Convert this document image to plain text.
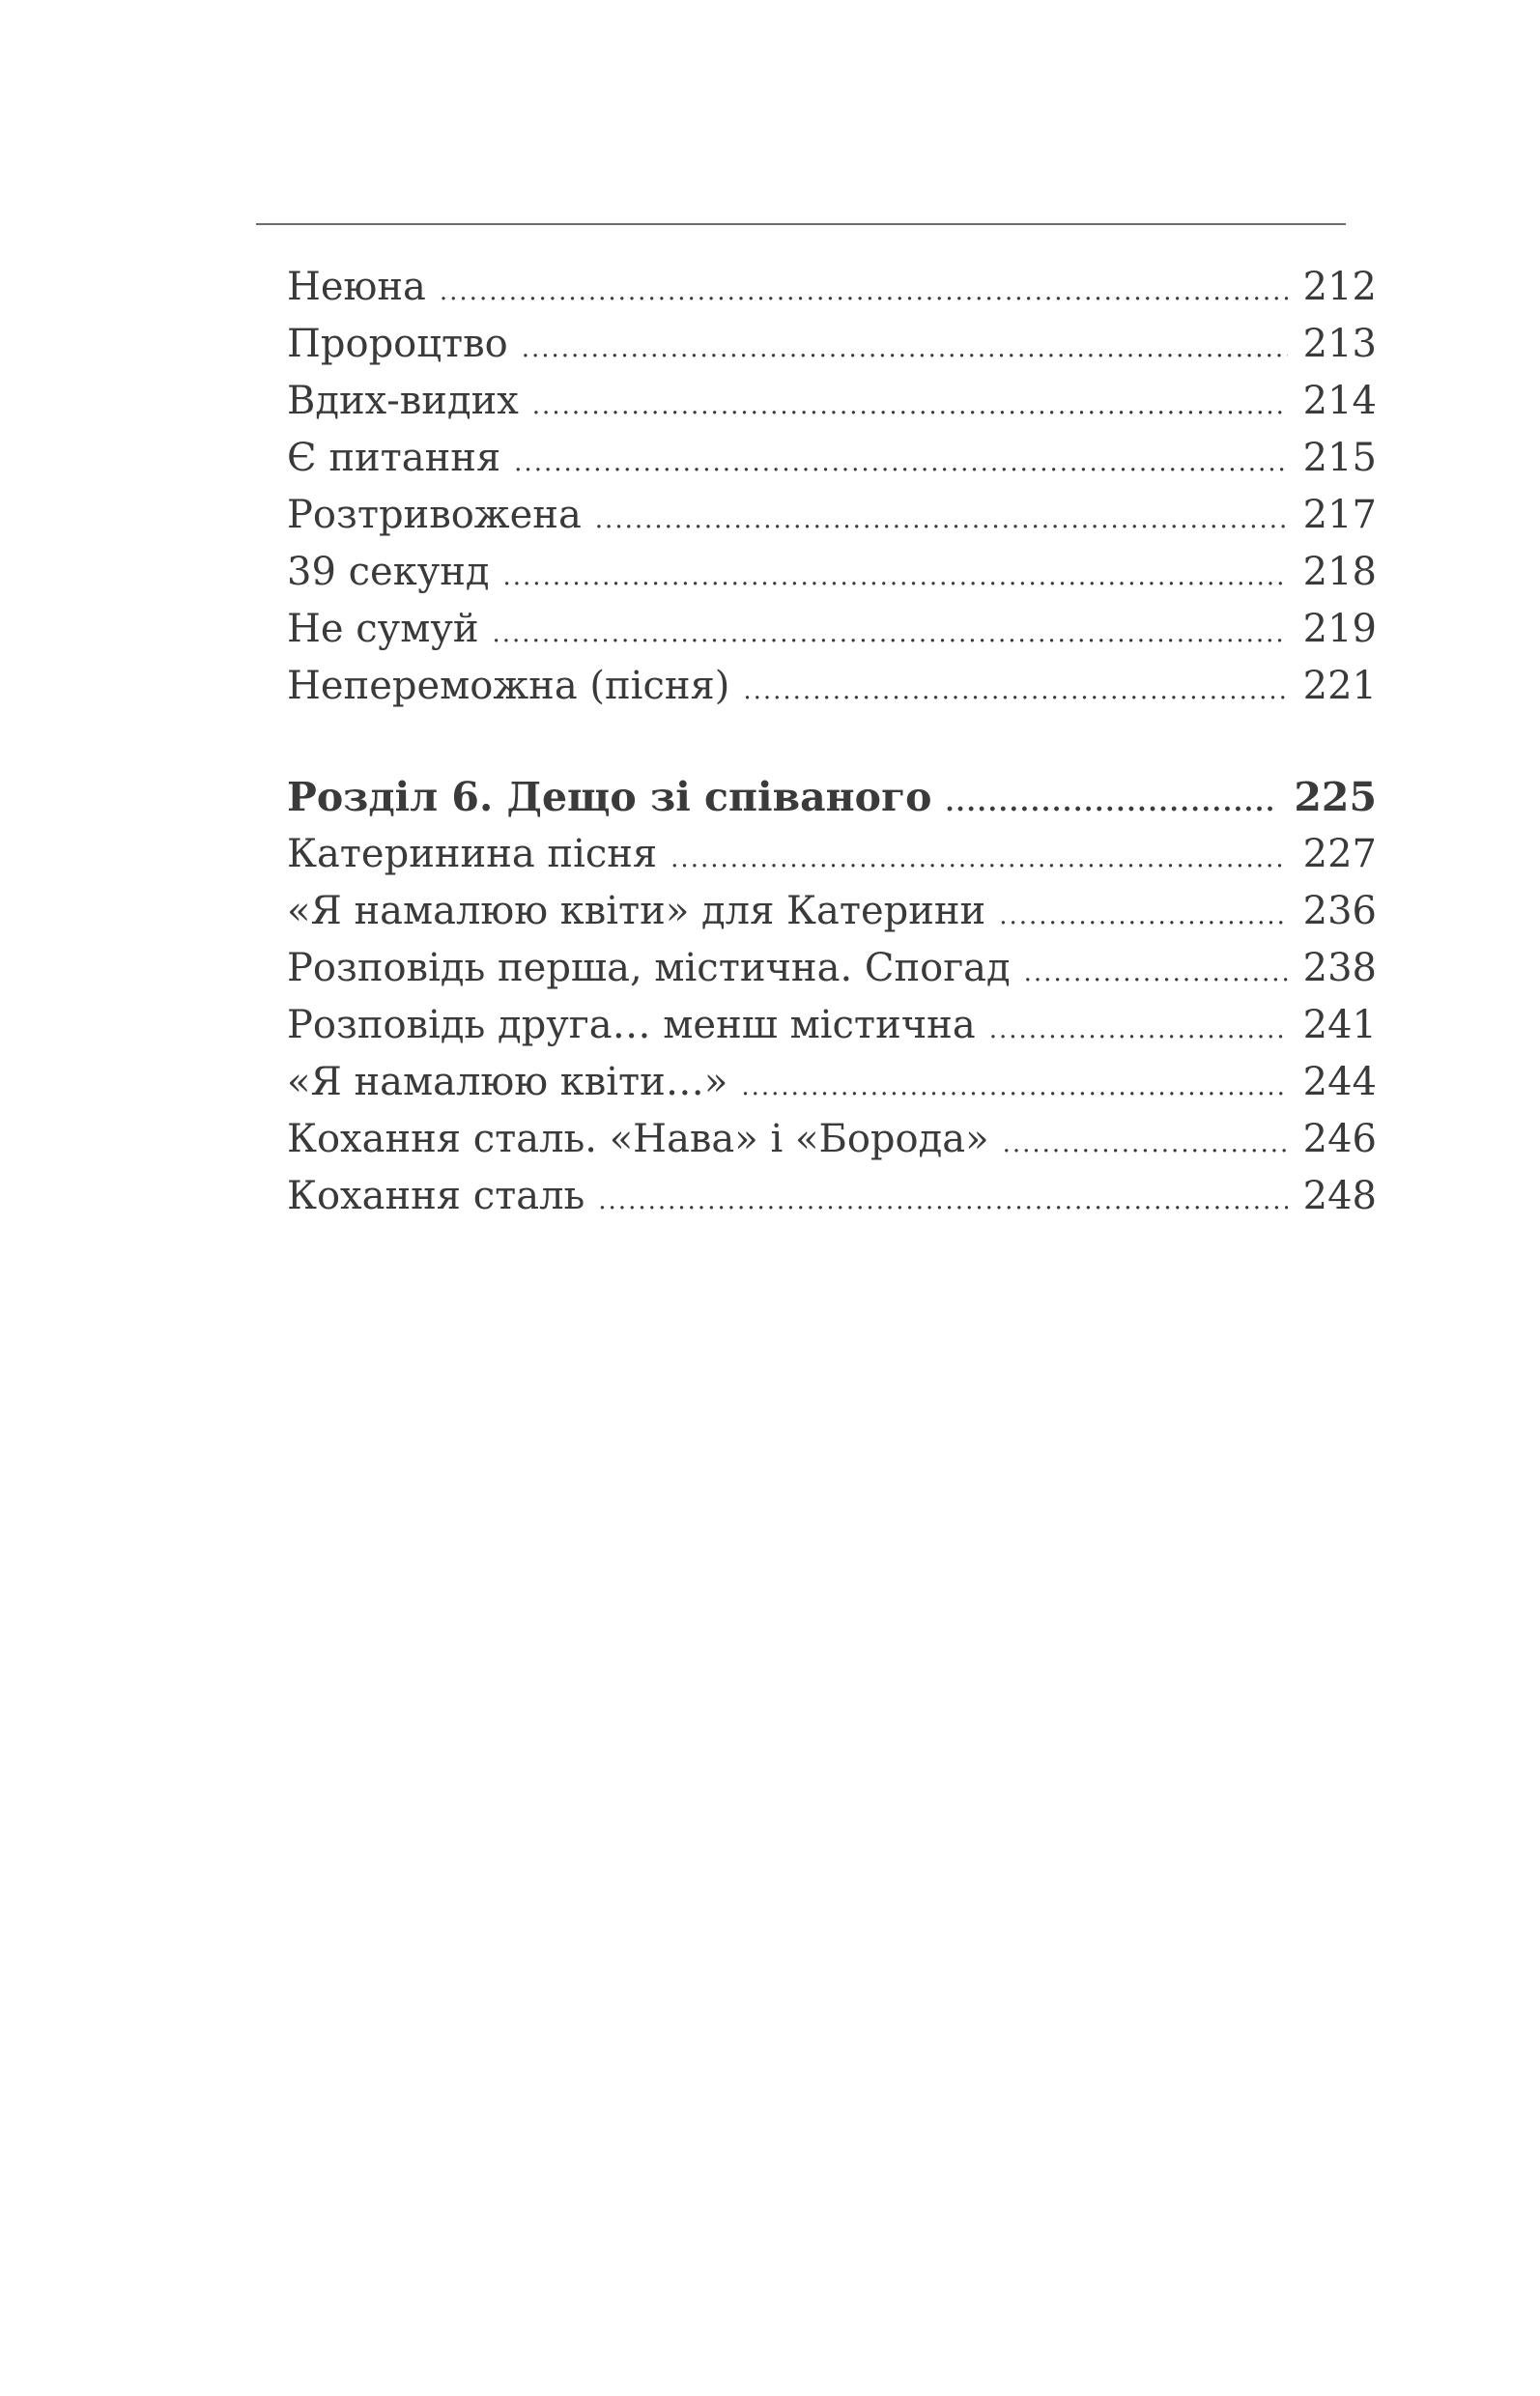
Неюна .....	212
Пророцтво .....	213
Вдих-видих .....	214
Є питання .....	215
Розтривожена .....	217
39 секунд .....	218
Не сумуй .....	219
Непереможна (пісня) .....	221
Розділ 6. Дещо зі співаного .....	225
Катеринина пісня .....	227
«Я намалюю квіти» для Катерини .....	236
Розповідь перша, містична. Спогад .....	238
Розповідь друга… менш містична .....	241
«Я намалюю квіти…» .....	244
Кохання сталь. «Нава» і «Борода» .....	246
Кохання сталь .....	248
